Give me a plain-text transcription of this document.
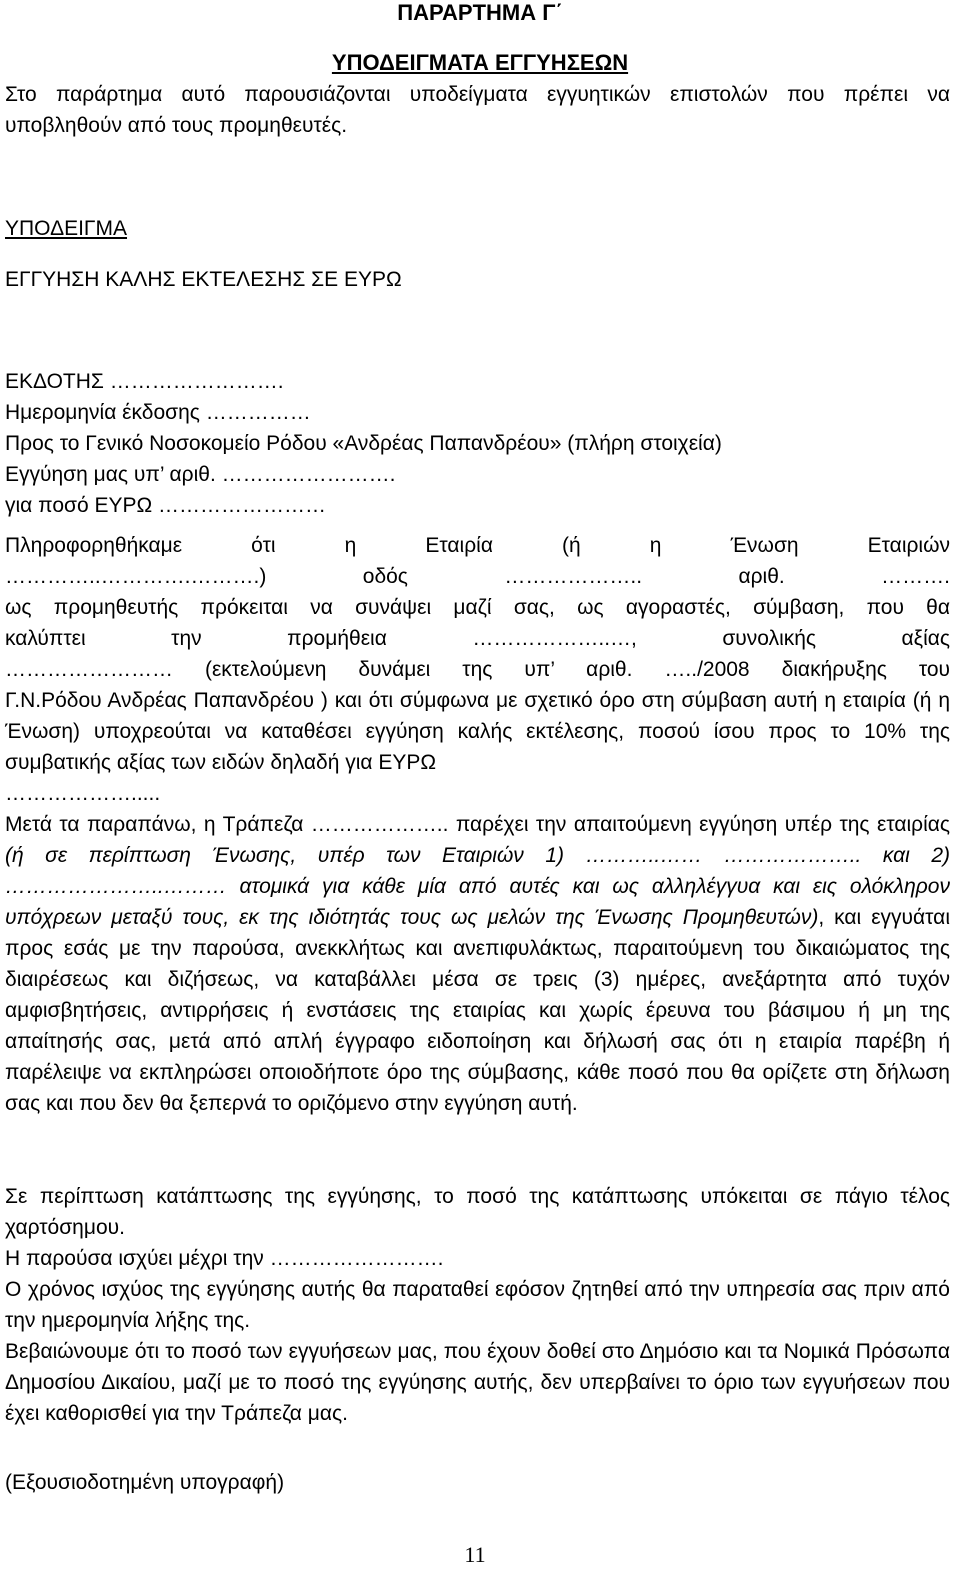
ΠΑΡΑΡΤΗΜΑ Γ΄

ΥΠΟΔΕΙΓΜΑΤΑ ΕΓΓΥΗΣΕΩΝ

Στο παράρτημα αυτό παρουσιάζονται υποδείγματα εγγυητικών επιστολών που πρέπει να υποβληθούν από τους προμηθευτές.

ΥΠΟΔΕΙΓΜΑ

ΕΓΓΥΗΣΗ ΚΑΛΗΣ ΕΚΤΕΛΕΣΗΣ ΣΕ ΕΥΡΩ

ΕΚΔΟΤΗΣ …………………….
Ημερομηνία έκδοσης ……………
Προς το Γενικό Νοσοκομείο Ρόδου «Ανδρέας Παπανδρέου» (πλήρη στοιχεία)
Εγγύηση μας υπ’ αριθ. …………………….
για ποσό ΕΥΡΩ ……………………
Πληροφορηθήκαμε ότι η Εταιρία (ή η Ένωση Εταιριών
…………..………….……….) οδός ……………….. αριθ. ……….
ως προμηθευτής πρόκειται να συνάψει μαζί σας, ως αγοραστές, σύμβαση, που θα
καλύπτει την προμήθεια ………………..…, συνολικής αξίας
…………………… (εκτελούμενη δυνάμει της υπ’ αριθ. …../2008 διακήρυξης του
Γ.Ν.Ρόδου Ανδρέας Παπανδρέου ) και ότι σύμφωνα με σχετικό όρο στη σύμβαση αυτή η εταιρία (ή η Ένωση) υποχρεούται να καταθέσει εγγύηση καλής εκτέλεσης, ποσού ίσου προς το 10% της συμβατικής αξίας των ειδών δηλαδή για ΕΥΡΩ
……………….....

Μετά τα παραπάνω, η Τράπεζα ……………….. παρέχει την απαιτούμενη εγγύηση υπέρ της εταιρίας (ή σε περίπτωση Ένωσης, υπέρ των Εταιριών 1) ………..…… ……………….. και 2) …………………..……… ατομικά για κάθε μία από αυτές και ως αλληλέγγυα και εις ολόκληρον υπόχρεων μεταξύ τους, εκ της ιδιότητάς τους ως μελών της Ένωσης Προμηθευτών), και εγγυάται προς εσάς με την παρούσα, ανεκκλήτως και ανεπιφυλάκτως, παραιτούμενη του δικαιώματος της διαιρέσεως και διζήσεως, να καταβάλλει μέσα σε τρεις (3) ημέρες, ανεξάρτητα από τυχόν αμφισβητήσεις, αντιρρήσεις ή ενστάσεις της εταιρίας και χωρίς έρευνα του βάσιμου ή μη της απαίτησής σας, μετά από απλή έγγραφο ειδοποίηση και δήλωσή σας ότι η εταιρία παρέβη ή παρέλειψε να εκπληρώσει οποιοδήποτε όρο της σύμβασης, κάθε ποσό που θα ορίζετε στη δήλωση σας και που δεν θα ξεπερνά το οριζόμενο στην εγγύηση αυτή.

Σε περίπτωση κατάπτωσης της εγγύησης, το ποσό της κατάπτωσης υπόκειται σε πάγιο τέλος χαρτόσημου.

Η παρούσα ισχύει μέχρι την …………………….

Ο χρόνος ισχύος της εγγύησης αυτής θα παραταθεί εφόσον ζητηθεί από την υπηρεσία σας πριν από την ημερομηνία λήξης της.

Βεβαιώνουμε ότι το ποσό των εγγυήσεων μας, που έχουν δοθεί στο Δημόσιο και τα Νομικά Πρόσωπα Δημοσίου Δικαίου, μαζί με το ποσό της εγγύησης αυτής, δεν υπερβαίνει το όριο των εγγυήσεων που έχει καθορισθεί για την Τράπεζα μας.

(Εξουσιοδοτημένη υπογραφή)

11
